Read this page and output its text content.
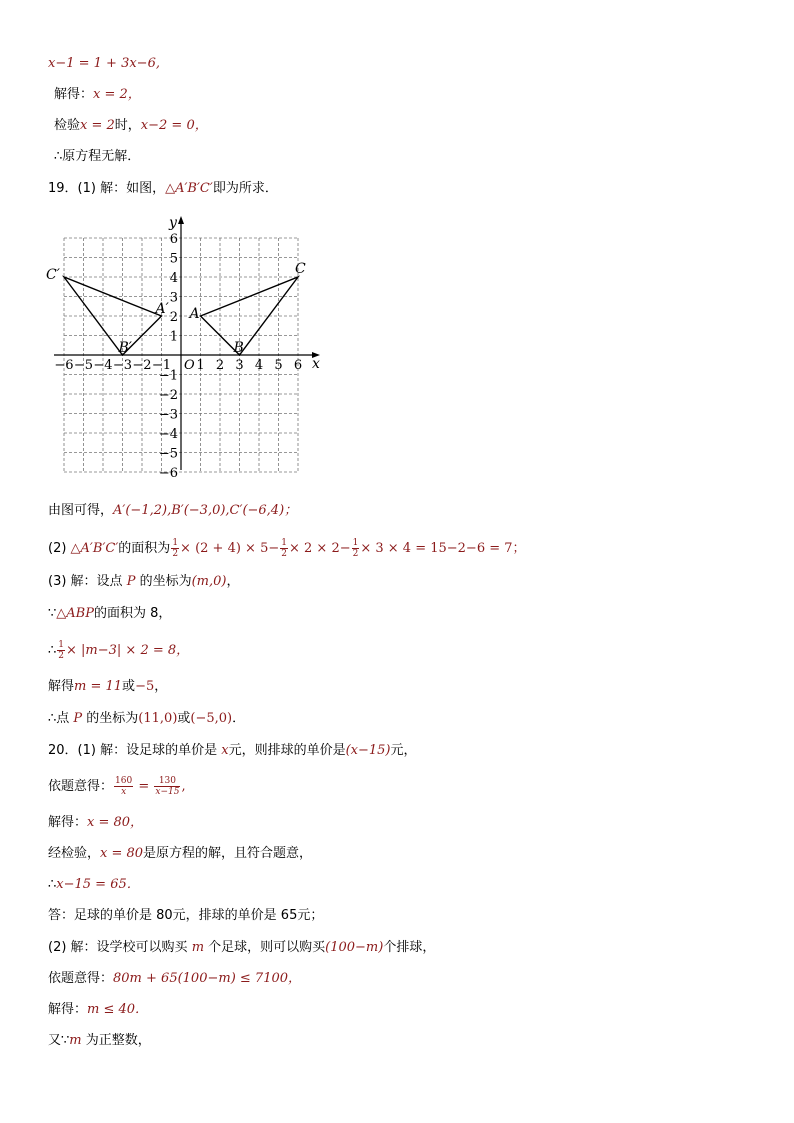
x−1 = 1 + 3x−6,
解得：x = 2，
检验x = 2时，x−2 = 0，
∴原方程无解．
19．(1) 解：如图，△A′B′C′即为所求．
−6 −5 −4 −3 −2 −1 1 2 3 4 5 6
6
5
4
3
2
1
−1
−2
−3
−4
−5
−6
O	x
y
A
B
C
A′
B′
C′
由图可得，A′(−1,2),B′(−3,0),C′(−6,4)；
(2) △A′B′C′的面积为 $\frac{1}{2} \times (2 + 4) \times 5- \frac{1}{2} \times 2 \times 2- \frac{1}{2} \times 3 \times 4 = 15-2-6 = 7$；
(3) 解：设点 P 的坐标为(m,0)，
∵△ABP的面积为 8，
∴ $\frac{1}{2} \times |m-3| \times 2 = 8$，
解得m = 11或−5，
∴点 P 的坐标为(11,0)或(−5,0)．
20．(1) 解：设足球的单价是 x元，则排球的单价是(x−15)元，
依题意得： $\frac{160}{x} = \frac{130}{x-15}$ ,
解得：x = 80，
经检验，x = 80是原方程的解，且符合题意，
∴x−15 = 65．
答：足球的单价是 80元，排球的单价是 65元；
(2) 解：设学校可以购买 m 个足球，则可以购买(100−m)个排球，
依题意得：80m + 65(100−m) ≤ 7100，
解得：m ≤ 40．
又∵m 为正整数，
